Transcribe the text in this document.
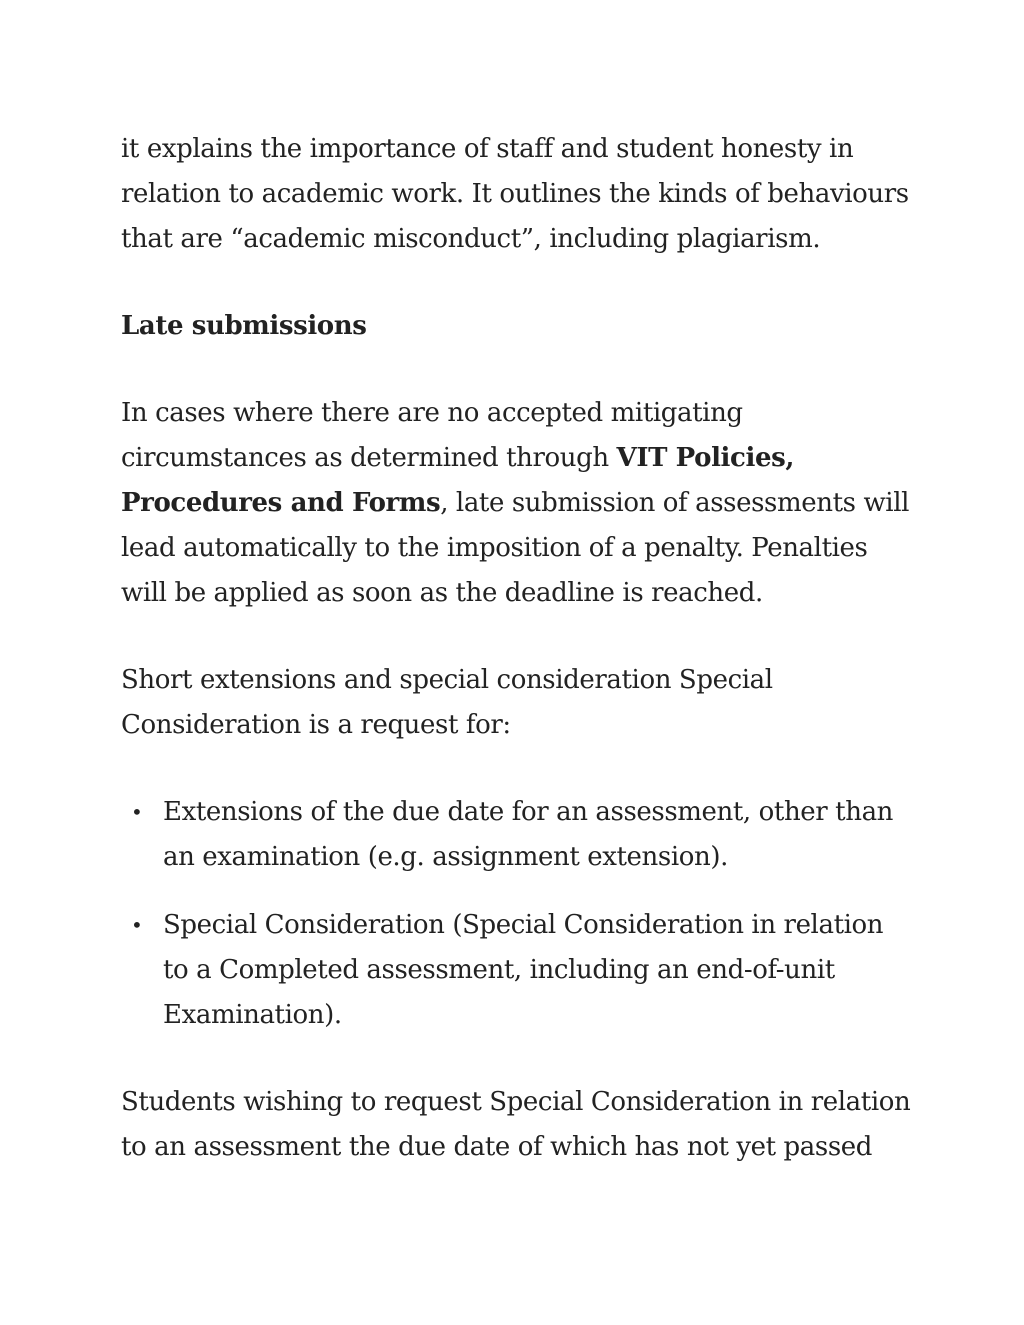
it explains the importance of staff and student honesty in relation to academic work. It outlines the kinds of behaviours that are “academic misconduct”, including plagiarism.

Late submissions

In cases where there are no accepted mitigating circumstances as determined through VIT Policies, Procedures and Forms, late submission of assessments will lead automatically to the imposition of a penalty. Penalties will be applied as soon as the deadline is reached.

Short extensions and special consideration Special Consideration is a request for:

• Extensions of the due date for an assessment, other than an examination (e.g. assignment extension).
• Special Consideration (Special Consideration in relation to a Completed assessment, including an end-of-unit Examination).

Students wishing to request Special Consideration in relation to an assessment the due date of which has not yet passed
